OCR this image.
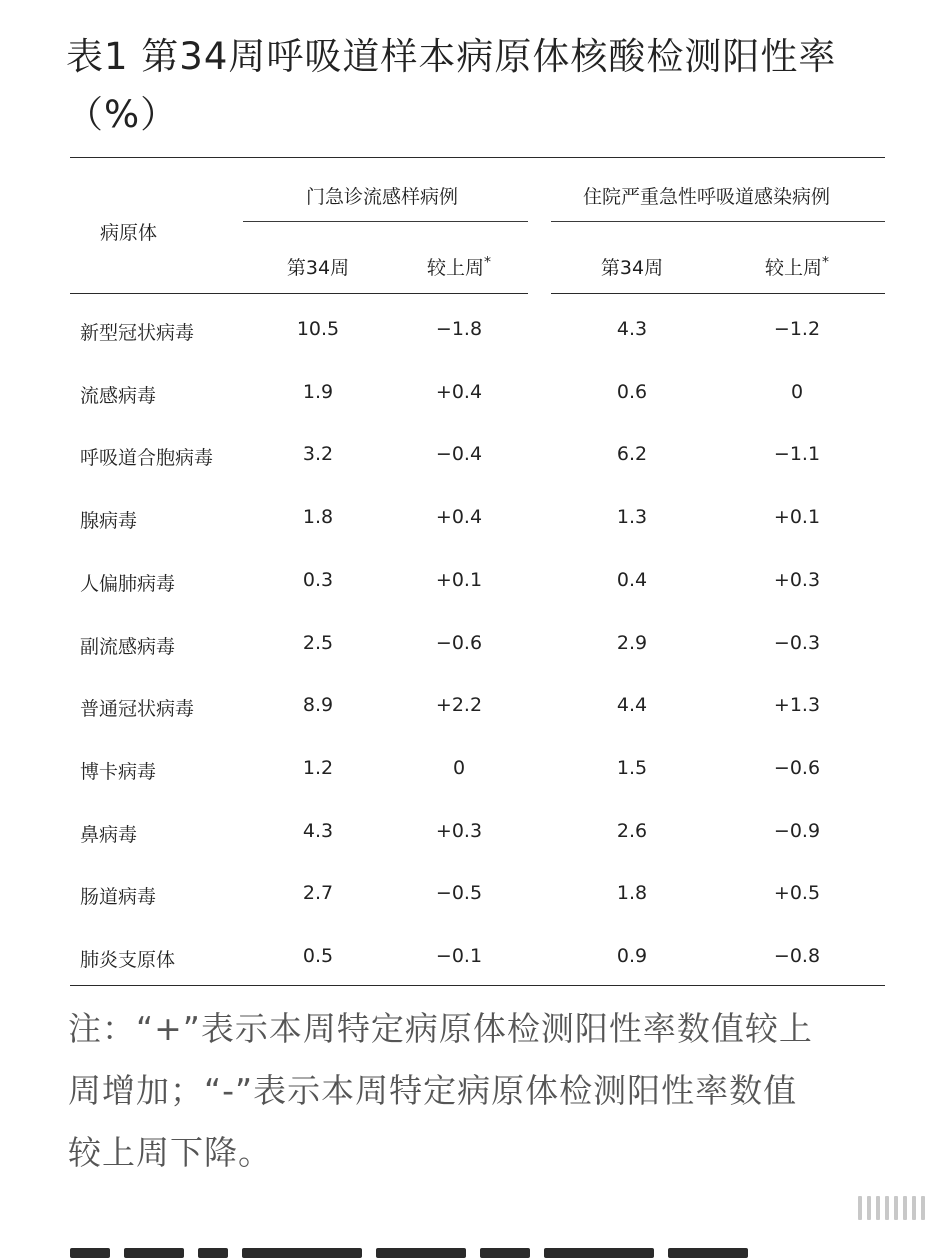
表1 第34周呼吸道样本病原体核酸检测阳性率
（%）
门急诊流感样病例	住院严重急性呼吸道感染病例
病原体
第34周	较上周*	第34周	较上周*
新型冠状病毒	10.5	−1.8	4.3	−1.2
流感病毒	1.9	+0.4	0.6	0
呼吸道合胞病毒	3.2	−0.4	6.2	−1.1
腺病毒	1.8	+0.4	1.3	+0.1
人偏肺病毒	0.3	+0.1	0.4	+0.3
副流感病毒	2.5	−0.6	2.9	−0.3
普通冠状病毒	8.9	+2.2	4.4	+1.3
博卡病毒	1.2	0	1.5	−0.6
鼻病毒	4.3	+0.3	2.6	−0.9
肠道病毒	2.7	−0.5	1.8	+0.5
肺炎支原体	0.5	−0.1	0.9	−0.8
注：“+”表示本周特定病原体检测阳性率数值较上
周增加；“-”表示本周特定病原体检测阳性率数值
较上周下降。
